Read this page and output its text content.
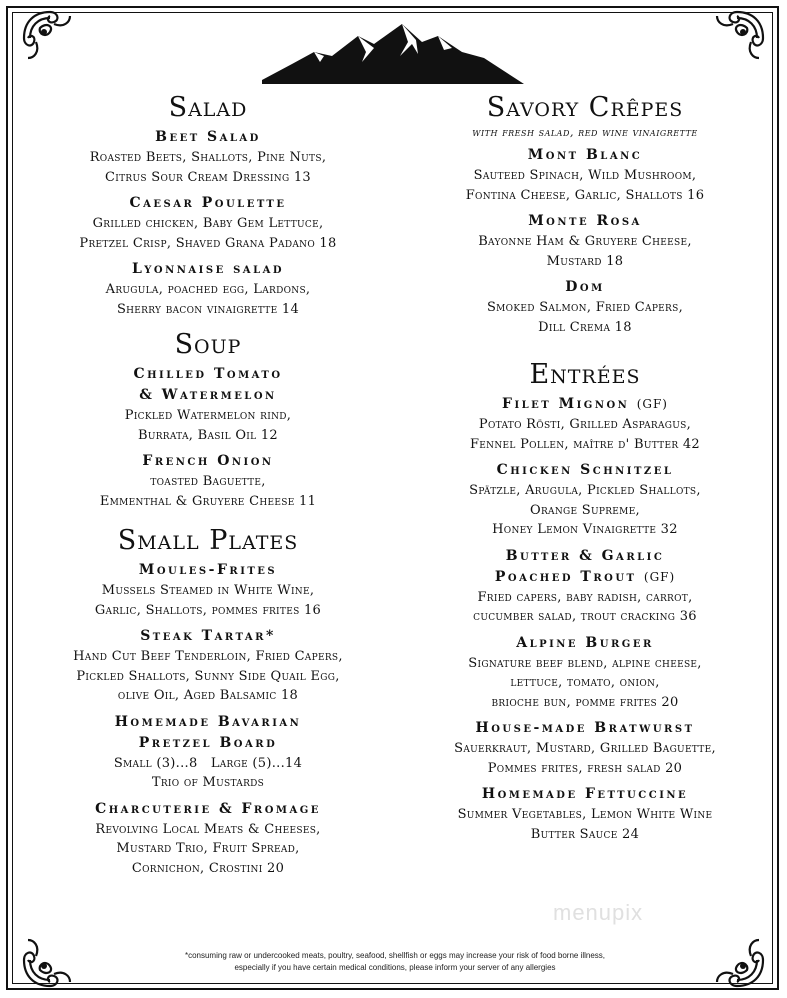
Salad
Beet Salad

Roasted Beets, Shallots, Pine Nuts,

Citrus Sour Cream Dressing 13

Caesar Poulette

Grilled chicken, Baby Gem Lettuce,

Pretzel Crisp, Shaved Grana Padano 18

Lyonnaise salad

Arugula, poached egg, Lardons,

Sherry bacon vinaigrette 14

Soup
Chilled Tomato
& Watermelon

Pickled Watermelon rind,

Burrata, Basil Oil 12

French Onion

toasted Baguette,

Emmenthal & Gruyere Cheese 11

Small Plates
Moules-Frites

Mussels Steamed in White Wine,

Garlic, Shallots, pommes frites 16

Steak Tartar*

Hand Cut Beef Tenderloin, Fried Capers,

Pickled Shallots, Sunny Side Quail Egg,

olive Oil, Aged Balsamic 18

Homemade Bavarian
Pretzel Board

Small (3)...8   Large (5)...14

Trio of Mustards

Charcuterie & Fromage

Revolving Local Meats & Cheeses,

Mustard Trio, Fruit Spread,

Cornichon, Crostini 20

Savory Crêpes
with fresh salad, red wine vinaigrette
Mont Blanc

Sauteed Spinach, Wild Mushroom,

Fontina Cheese, Garlic, Shallots 16

Monte Rosa

Bayonne Ham & Gruyere Cheese,

Mustard 18

Dom

Smoked Salmon, Fried Capers,

Dill Crema 18

Entrées
Filet Mignon (GF)

Potato Rösti, Grilled Asparagus,

Fennel Pollen, maître d' Butter 42

Chicken Schnitzel

Spätzle, Arugula, Pickled Shallots,

Orange Supreme,

Honey Lemon Vinaigrette 32

Butter & Garlic
Poached Trout (GF)

Fried capers, baby radish, carrot,

cucumber salad, trout cracking 36

Alpine Burger

Signature beef blend, alpine cheese,

lettuce, tomato, onion,

brioche bun, pomme frites 20

House-made Bratwurst

Sauerkraut, Mustard, Grilled Baguette,

Pommes frites, fresh salad 20

Homemade Fettuccine

Summer Vegetables, Lemon White Wine

Butter Sauce 24

menupix
*consuming raw or undercooked meats, poultry, seafood, shellfish or eggs may increase your risk of food borne illness,
especially if you have certain medical conditions, please inform your server of any allergies
